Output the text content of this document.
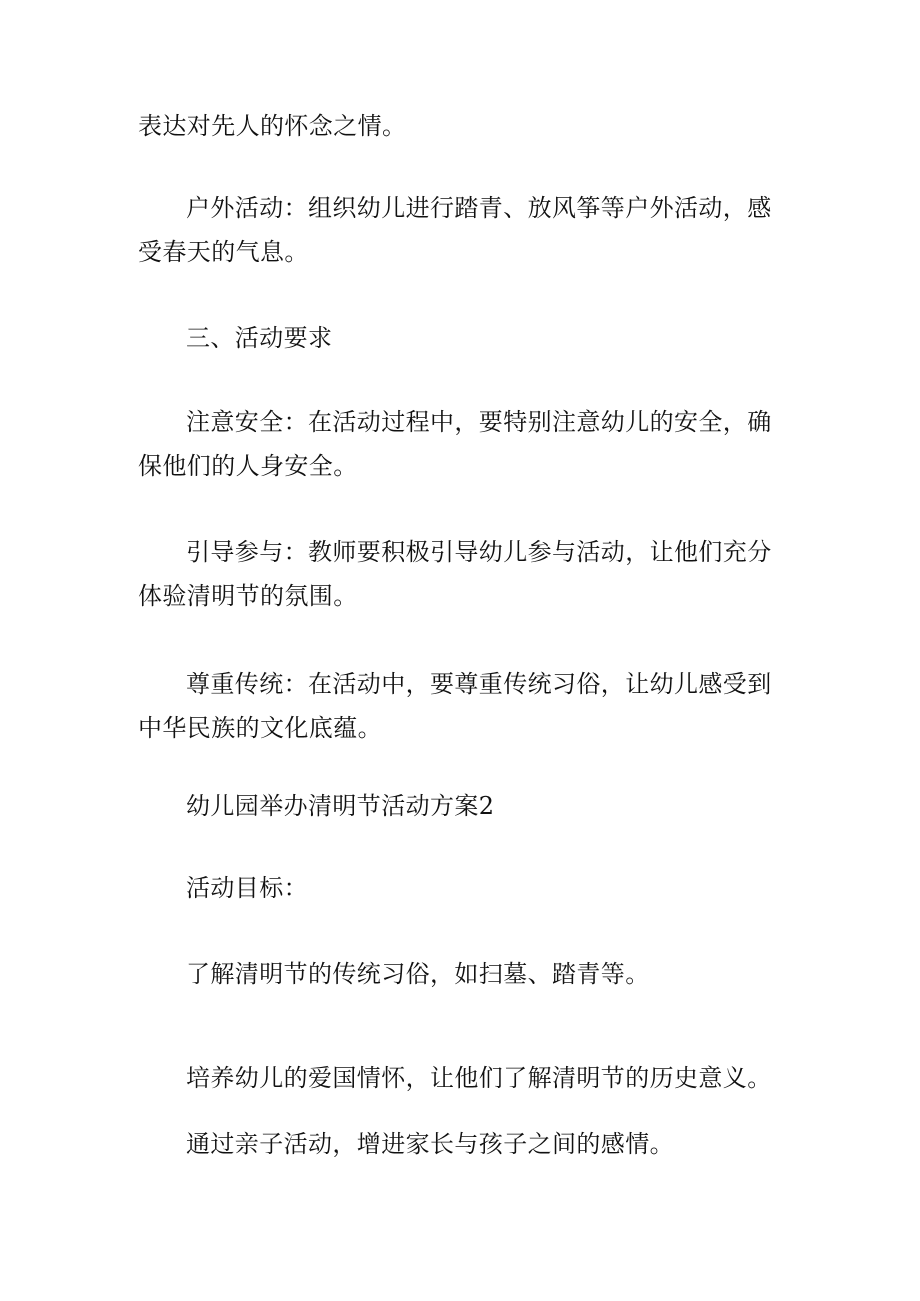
表达对先人的怀念之情。

户外活动：组织幼儿进行踏青、放风筝等户外活动，感受春天的气息。

三、活动要求

注意安全：在活动过程中，要特别注意幼儿的安全，确保他们的人身安全。

引导参与：教师要积极引导幼儿参与活动，让他们充分体验清明节的氛围。

尊重传统：在活动中，要尊重传统习俗，让幼儿感受到中华民族的文化底蕴。

幼儿园举办清明节活动方案2

活动目标：

了解清明节的传统习俗，如扫墓、踏青等。

培养幼儿的爱国情怀，让他们了解清明节的历史意义。

通过亲子活动，增进家长与孩子之间的感情。
